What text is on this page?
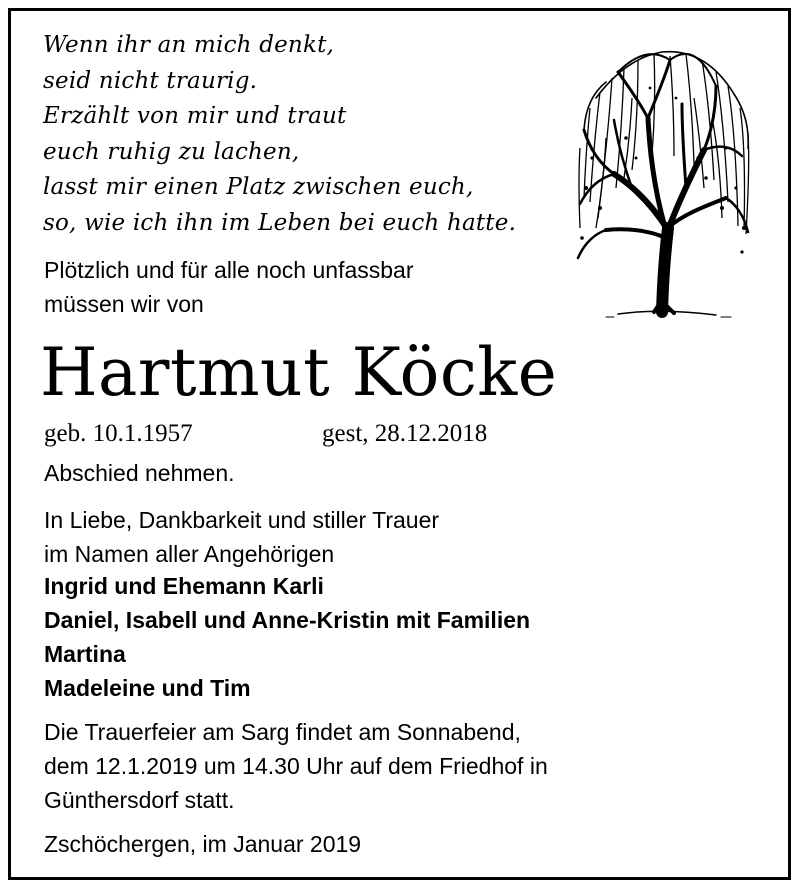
Wenn ihr an mich denkt,
seid nicht traurig.
Erzählt von mir und traut
euch ruhig zu lachen,
lasst mir einen Platz zwischen euch,
so, wie ich ihn im Leben bei euch hatte.
Plötzlich und für alle noch unfassbar
müssen wir von
Hartmut Köcke
geb. 10.1.1957	gest, 28.12.2018
Abschied nehmen.
In Liebe, Dankbarkeit und stiller Trauer
im Namen aller Angehörigen
Ingrid und Ehemann Karli
Daniel, Isabell und Anne-Kristin mit Familien
Martina
Madeleine und Tim
Die Trauerfeier am Sarg findet am Sonnabend,
dem 12.1.2019 um 14.30 Uhr auf dem Friedhof in
Günthersdorf statt.
Zschöchergen, im Januar 2019
